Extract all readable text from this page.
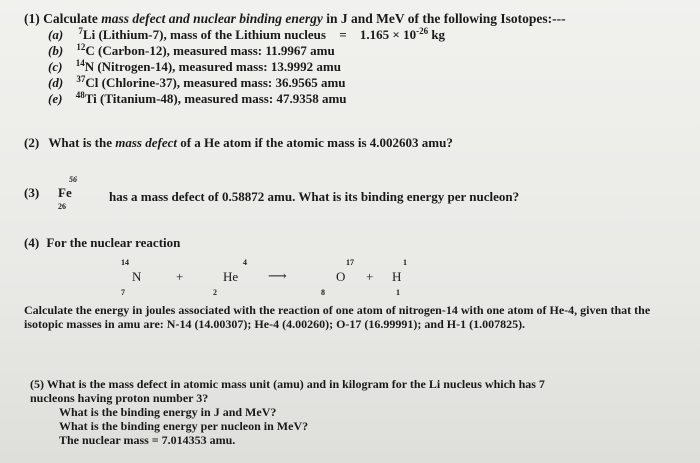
(1) Calculate mass defect and nuclear binding energy in J and MeV of the following Isotopes:---
(a) $^7$Li (Lithium-7), mass of the Lithium nucleus = $1.165 \times 10^{-26}$ kg
(b) $^{12}$C (Carbon-12), measured mass: 11.9967 amu
(c) $^{14}$N (Nitrogen-14), measured mass: 13.9992 amu
(d) $^{37}$Cl (Chlorine-37), measured mass: 36.9565 amu
(e) $^{48}$Ti (Titanium-48), measured mass: 47.9358 amu
(2) What is the mass defect of a He atom if the atomic mass is 4.002603 amu?
(3)
56
Fe
26
has a mass defect of 0.58872 amu. What is its binding energy per nucleon?
(4) For the nuclear reaction
14
N
7
+
4
He
2
⟶
17
O
8
+
1
H
1
Calculate the energy in joules associated with the reaction of one atom of nitrogen-14 with one atom of He-4, given that the isotopic masses in amu are: N-14 (14.00307); He-4 (4.00260); O-17 (16.99991); and H-1 (1.007825).
(5) What is the mass defect in atomic mass unit (amu) and in kilogram for the Li nucleus which has 7
nucleons having proton number 3?
What is the binding energy in J and MeV?
What is the binding energy per nucleon in MeV?
The nuclear mass = 7.014353 amu.
